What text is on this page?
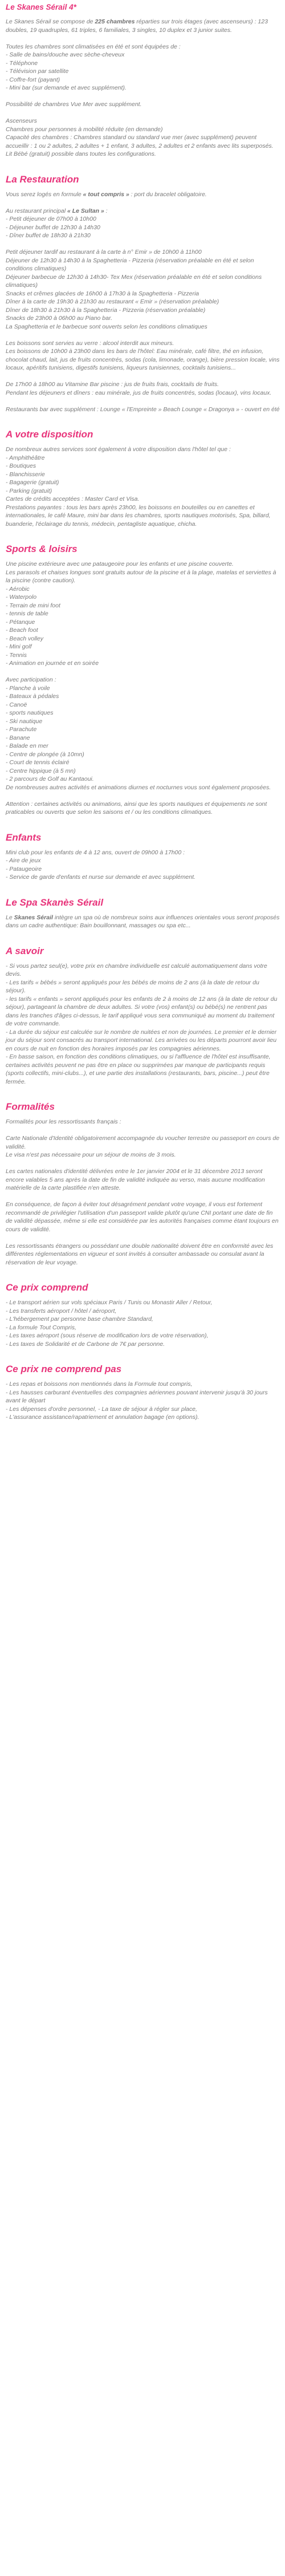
Le Skanes Sérail 4*
Le Skanes Sérail se compose de 225 chambres réparties sur trois étages (avec ascenseurs) : 123 doubles, 19 quadruples, 61 triples, 6 familiales, 3 singles, 10 duplex et 3 junior suites.
Toutes les chambres sont climatisées en été et sont équipées de :
- Salle de bains/douche avec sèche-cheveux
- Téléphone
- Télévision par satellite
- Coffre-fort (payant)
- Mini bar (sur demande et avec supplément).
Possibilité de chambres Vue Mer avec supplément.
Ascenseurs
Chambres pour personnes à mobilité réduite (en demande)
Capacité des chambres : Chambres standard ou standard vue mer (avec supplément) peuvent accueillir : 1 ou 2 adultes, 2 adultes + 1 enfant, 3 adultes, 2 adultes et 2 enfants avec lits superposés. Lit Bébé (gratuit) possible dans toutes les configurations.
La Restauration
Vous serez logés en formule « tout compris » : port du bracelet obligatoire.
Au restaurant principal « Le Sultan » :
- Petit déjeuner de 07h00 à 10h00
- Déjeuner buffet de 12h30 à 14h30
- Dîner buffet de 18h30 à 21h30
Petit déjeuner tardif au restaurant à la carte à n° Emir » de 10h00 à 11h00
Déjeuner de 12h30 à 14h30 à la Spaghetteria - Pizzeria (réservation préalable en été et selon conditions climatiques)
Déjeuner barbecue de 12h30 à 14h30- Tex Mex (réservation préalable en été et selon conditions climatiques)
Snacks et crêmes glacées de 16h00 à 17h30 à la Spaghetteria - Pizzeria
Dîner à la carte de 19h30 à 21h30 au restaurant « Emir » (réservation préalable)
Dîner de 18h30 à 21h30 à la Spaghetteria - Pizzeria (réservation préalable)
Snacks de 23h00 à 06h00 au Piano bar.
La Spaghetteria et le barbecue sont ouverts selon les conditions climatiques
Les boissons sont servies au verre : alcool interdit aux mineurs.
Les boissons de 10h00 à 23h00 dans les bars de l'hôtel: Eau minérale, café filtre, thé en infusion, chocolat chaud, lait, jus de fruits concentrés, sodas (cola, limonade, orange), bière pression locale, vins locaux, apéritifs tunisiens, digestifs tunisiens, liqueurs tunisiennes, cocktails tunisiens...
De 17h00 à 18h00 au Vitamine Bar piscine : jus de fruits frais, cocktails de fruits.
Pendant les déjeuners et dîners : eau minérale, jus de fruits concentrés, sodas (locaux), vins locaux.
Restaurants bar avec supplément : Lounge « l'Empreinte » Beach Lounge « Dragonya » - ouvert en été
A votre disposition
De nombreux autres services sont également à votre disposition dans l'hôtel tel que :
- Amphithéâtre
- Boutiques
- Blanchisserie
- Bagagerie (gratuit)
- Parking (gratuit)
Cartes de crédits acceptées : Master Card et Visa.
Prestations payantes : tous les bars après 23h00, les boissons en bouteilles ou en canettes et internationales, le café Maure, mini bar dans les chambres, sports nautiques motorisés, Spa, billard, buanderie, l'éclairage du tennis, médecin, pentagliste aquatique, chicha.
Sports & loisirs
Une piscine extérieure avec une pataugeoire pour les enfants et une piscine couverte.
Les parasols et chaises longues sont gratuits autour de la piscine et à la plage, matelas et serviettes à la piscine (contre caution).
- Aérobic
- Waterpolo
- Terrain de mini foot
- tennis de table
- Pétanque
- Beach foot
- Beach volley
- Mini golf
- Tennis
- Animation en journée et en soirée
Avec participation :
- Planche à voile
- Bateaux à pédales
- Canoë
- sports nautiques
- Ski nautique
- Parachute
- Banane
- Balade en mer
- Centre de plongée (à 10mn)
- Court de tennis éclairé
- Centre hippique (à 5 mn)
- 2 parcours de Golf au Kantaoui.
De nombreuses autres activités et animations diurnes et nocturnes vous sont également proposées.
Attention : certaines activités ou animations, ainsi que les sports nautiques et équipements ne sont praticables ou ouverts que selon les saisons et / ou les conditions climatiques.
Enfants
Mini club pour les enfants de 4 à 12 ans, ouvert de 09h00 à 17h00 :
- Aire de jeux
- Pataugeoire
- Service de garde d'enfants et nurse sur demande et avec supplément.
Le Spa Skanès Sérail
Le Skanes Sérail intègre un spa où de nombreux soins aux influences orientales vous seront proposés dans un cadre authentique: Bain bouillonnant, massages ou spa etc...
A savoir
- Si vous partez seul(e), votre prix en chambre individuelle est calculé automatiquement dans votre devis.
- Les tarifs « bébés » seront appliqués pour les bébés de moins de 2 ans (à la date de retour du séjour).
- les tarifs « enfants » seront appliqués pour les enfants de 2 à moins de 12 ans (à la date de retour du séjour), partageant la chambre de deux adultes. Si votre (vos) enfant(s) ou bébé(s) ne rentrent pas dans les tranches d'âges ci-dessus, le tarif appliqué vous sera communiqué au moment du traitement de votre commande.
- La durée du séjour est calculée sur le nombre de nuitées et non de journées. Le premier et le dernier jour du séjour sont consacrés au transport international. Les arrivées ou les départs pourront avoir lieu en cours de nuit en fonction des horaires imposés par les compagnies aériennes.
- En basse saison, en fonction des conditions climatiques, ou si l'affluence de l'hôtel est insuffisante, certaines activités peuvent ne pas être en place ou supprimées par manque de participants requis (sports collectifs, mini-clubs...), et une partie des installations (restaurants, bars, piscine...) peut être fermée.
Formalités
Formalités pour les ressortissants français :
Carte Nationale d'Identité obligatoirement accompagnée du voucher terrestre ou passeport en cours de validité.
Le visa n'est pas nécessaire pour un séjour de moins de 3 mois.
Les cartes nationales d'identité délivrées entre le 1er janvier 2004 et le 31 décembre 2013 seront encore valables 5 ans après la date de fin de validité indiquée au verso, mais aucune modification matérielle de la carte plastifiée n'en atteste.
En conséquence, de façon à éviter tout désagrément pendant votre voyage, il vous est fortement recommandé de privilégier l'utilisation d'un passeport valide plutôt qu'une CNI portant une date de fin de validité dépassée, même si elle est considérée par les autorités françaises comme étant toujours en cours de validité.
Les ressortissants étrangers ou possédant une double nationalité doivent être en conformité avec les différentes réglementations en vigueur et sont invités à consulter ambassade ou consulat avant la réservation de leur voyage.
Ce prix comprend
- Le transport aérien sur vols spéciaux Paris / Tunis ou Monastir Aller / Retour,
- Les transferts aéroport / hôtel / aéroport,
- L'hébergement par personne base chambre Standard,
- La formule Tout Compris,
- Les taxes aéroport (sous réserve de modification lors de votre réservation),
- Les taxes de Solidarité et de Carbone de 7€ par personne.
Ce prix ne comprend pas
- Les repas et boissons non mentionnés dans la Formule tout compris,
- Les hausses carburant éventuelles des compagnies aériennes pouvant intervenir jusqu'à 30 jours avant le départ
- Les dépenses d'ordre personnel, - La taxe de séjour à régler sur place,
- L'assurance assistance/rapatriement et annulation bagage (en options).
